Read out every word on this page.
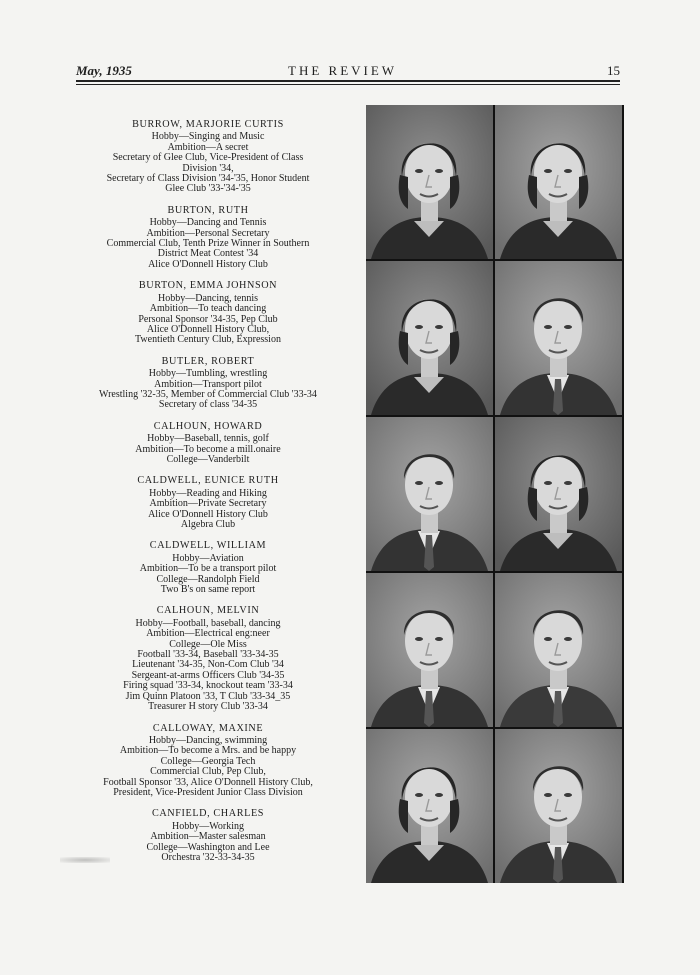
May, 1935	THE REVIEW	15
BURROW, MARJORIE CURTIS
Hobby—Singing and Music
Ambition—A secret
Secretary of Glee Club, Vice-President of Class
Division '34,
Secretary of Class Division '34-'35, Honor Student
Glee Club '33-'34-'35
BURTON, RUTH
Hobby—Dancing and Tennis
Ambition—Personal Secretary
Commercial Club, Tenth Prize Winner in Southern
District Meat Contest '34
Alice O'Donnell History Club
BURTON, EMMA JOHNSON
Hobby—Dancing, tennis
Ambition—To teach dancing
Personal Sponsor '34-35, Pep Club
Alice O'Donnell History Club,
Twentieth Century Club, Expression
BUTLER, ROBERT
Hobby—Tumbling, wrestling
Ambition—Transport pilot
Wrestling '32-35, Member of Commercial Club '33-34
Secretary of class '34-35
CALHOUN, HOWARD
Hobby—Baseball, tennis, golf
Ambition—To become a mill.onaire
College—Vanderbilt
CALDWELL, EUNICE RUTH
Hobby—Reading and Hiking
Ambition—Private Secretary
Alice O'Donnell History Club
Algebra Club
CALDWELL, WILLIAM
Hobby—Aviation
Ambition—To be a transport pilot
College—Randolph Field
Two B's on same report
CALHOUN, MELVIN
Hobby—Football, baseball, dancing
Ambition—Electrical eng:neer
College—Ole Miss
Football '33-34, Baseball '33-34-35
Lieutenant '34-35, Non-Com Club '34
Sergeant-at-arms Officers Club '34-35
Firing squad '33-34, knockout team '33-34
Jim Quinn Platoon '33, T Club '33-34_35
Treasurer H story Club '33-34
CALLOWAY, MAXINE
Hobby—Dancing, swimming
Ambition—To become a Mrs. and be happy
College—Georgia Tech
Commercial Club, Pep Club,
Football Sponsor '33, Alice O'Donnell History Club,
President, Vice-President Junior Class Division
CANFIELD, CHARLES
Hobby—Working
Ambition—Master salesman
College—Washington and Lee
Orchestra '32-33-34-35
